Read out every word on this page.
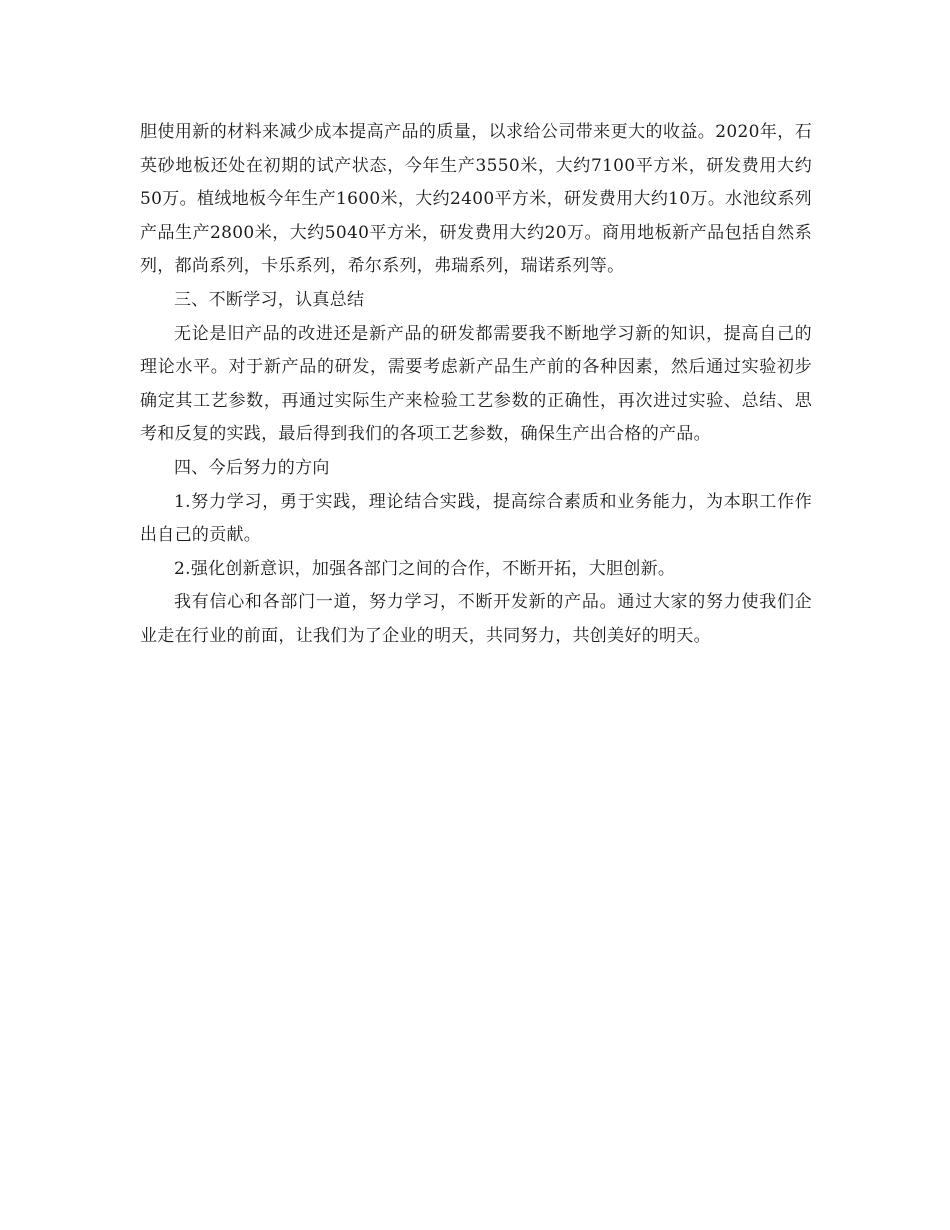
胆使用新的材料来减少成本提高产品的质量，以求给公司带来更大的收益。2020年，石英砂地板还处在初期的试产状态，今年生产3550米，大约7100平方米，研发费用大约50万。植绒地板今年生产1600米，大约2400平方米，研发费用大约10万。水池纹系列产品生产2800米，大约5040平方米，研发费用大约20万。商用地板新产品包括自然系列，都尚系列，卡乐系列，希尔系列，弗瑞系列，瑞诺系列等。

三、不断学习，认真总结

无论是旧产品的改进还是新产品的研发都需要我不断地学习新的知识，提高自己的理论水平。对于新产品的研发，需要考虑新产品生产前的各种因素，然后通过实验初步确定其工艺参数，再通过实际生产来检验工艺参数的正确性，再次进过实验、总结、思考和反复的实践，最后得到我们的各项工艺参数，确保生产出合格的产品。

四、今后努力的方向

1.努力学习，勇于实践，理论结合实践，提高综合素质和业务能力，为本职工作作出自己的贡献。

2.强化创新意识，加强各部门之间的合作，不断开拓，大胆创新。

我有信心和各部门一道，努力学习，不断开发新的产品。通过大家的努力使我们企业走在行业的前面，让我们为了企业的明天，共同努力，共创美好的明天。
